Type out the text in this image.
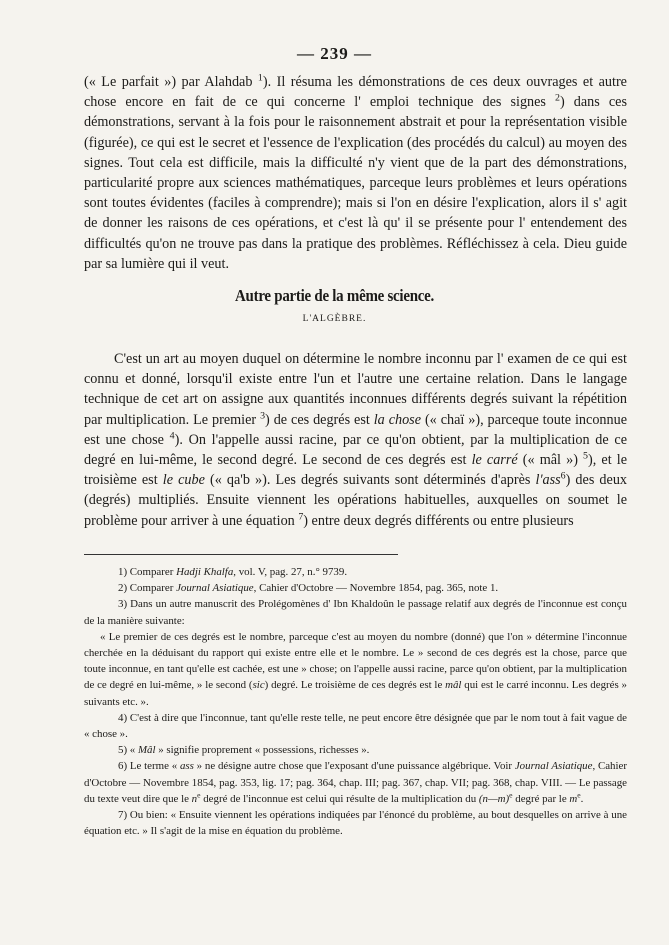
— 239 —

(« Le parfait ») par Alahdab $^1$). Il résuma les démonstrations de ces deux ouvrages et autre chose encore en fait de ce qui concerne l' emploi technique des signes $^2$) dans ces démonstrations, servant à la fois pour le raisonnement abstrait et pour la représentation visible (figurée), ce qui est le secret et l'essence de l'explication (des procédés du calcul) au moyen des signes. Tout cela est difficile, mais la difficulté n'y vient que de la part des démonstrations, particularité propre aux sciences mathématiques, parceque leurs problèmes et leurs opérations sont toutes évidentes (faciles à comprendre); mais si l'on en désire l'explication, alors il s' agit de donner les raisons de ces opérations, et c'est là qu' il se présente pour l' entendement des difficultés qu'on ne trouve pas dans la pratique des problèmes. Réfléchissez à cela. Dieu guide par sa lumière qui il veut.

Autre partie de la même science.
L'ALGÈBRE.

C'est un art au moyen duquel on détermine le nombre inconnu par l' examen de ce qui est connu et donné, lorsqu'il existe entre l'un et l'autre une certaine relation. Dans le langage technique de cet art on assigne aux quantités inconnues différents degrés suivant la répétition par multiplication. Le premier $^3$) de ces degrés est la chose (« chaï »), parceque toute inconnue est une chose $^4$). On l'appelle aussi racine, par ce qu'on obtient, par la multiplication de ce degré en lui-même, le second degré. Le second de ces degrés est le carré (« mâl ») $^5$), et le troisième est le cube (« qa'b »). Les degrés suivants sont déterminés d'après l'ass$^6$) des deux (degrés) multipliés. Ensuite viennent les opérations habituelles, auxquelles on soumet le problème pour arriver à une équation $^7$) entre deux degrés différents ou entre plusieurs

1) Comparer Hadji Khalfa, vol. V, pag. 27, n.° 9739.

2) Comparer Journal Asiatique, Cahier d'Octobre — Novembre 1854, pag. 365, note 1.

3) Dans un autre manuscrit des Prolégomènes d' Ibn Khaldoûn le passage relatif aux degrés de l'inconnue est conçu de la manière suivante:

« Le premier de ces degrés est le nombre, parceque c'est au moyen du nombre (donné) que l'on » détermine l'inconnue cherchée en la déduisant du rapport qui existe entre elle et le nombre. Le » second de ces degrés est la chose, parce que toute inconnue, en tant qu'elle est cachée, est une » chose; on l'appelle aussi racine, parce qu'on obtient, par la multiplication de ce degré en lui-même, » le second (sic) degré. Le troisième de ces degrés est le mâl qui est le carré inconnu. Les degrés » suivants etc. ».

4) C'est à dire que l'inconnue, tant qu'elle reste telle, ne peut encore être désignée que par le nom tout à fait vague de « chose ».

5) « Mâl » signifie proprement « possessions, richesses ».

6) Le terme « ass » ne désigne autre chose que l'exposant d'une puissance algébrique. Voir Journal Asiatique, Cahier d'Octobre — Novembre 1854, pag. 353, lig. 17; pag. 364, chap. III; pag. 367, chap. VII; pag. 368, chap. VIII. — Le passage du texte veut dire que le $n^e$ degré de l'inconnue est celui qui résulte de la multiplication du (n—m)$^e$ degré par le $m^e$.

7) Ou bien: « Ensuite viennent les opérations indiquées par l'énoncé du problème, au bout desquelles on arrive à une équation etc. » Il s'agit de la mise en équation du problème.
